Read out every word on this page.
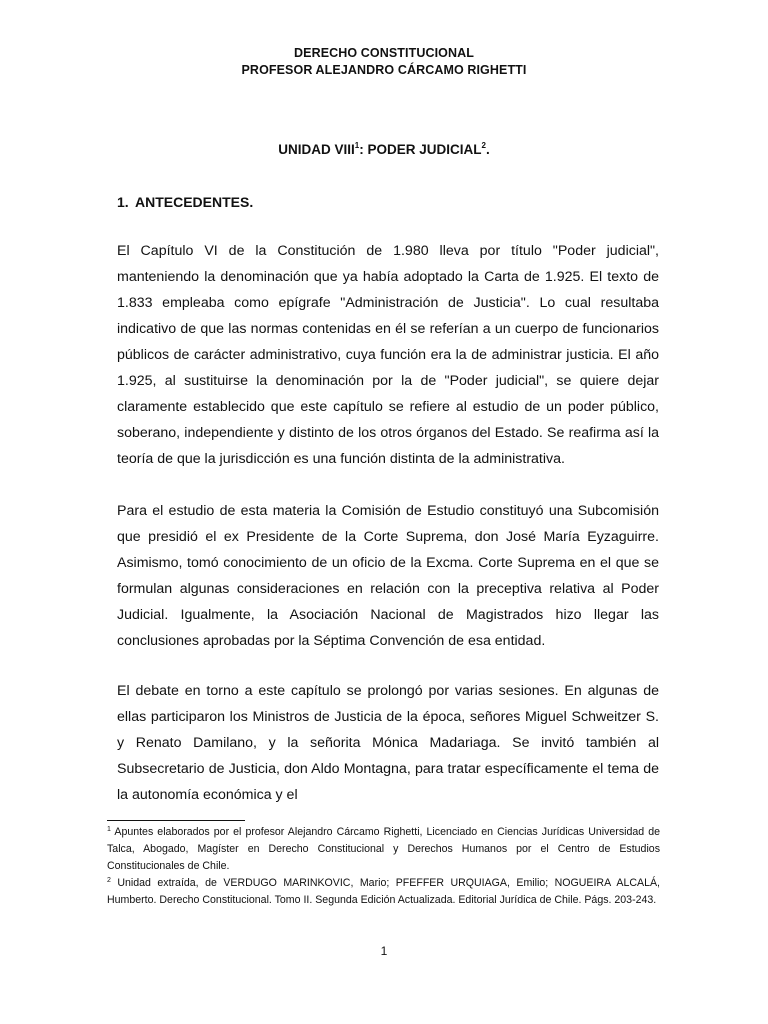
DERECHO CONSTITUCIONAL
PROFESOR ALEJANDRO CÁRCAMO RIGHETTI
UNIDAD VIII$^1$: PODER JUDICIAL$^2$.
1. ANTECEDENTES.

El Capítulo VI de la Constitución de 1.980 lleva por título "Poder judicial", manteniendo la denominación que ya había adoptado la Carta de 1.925. El texto de 1.833 empleaba como epígrafe "Administración de Justicia". Lo cual resultaba indicativo de que las normas contenidas en él se referían a un cuerpo de funcionarios públicos de carácter administrativo, cuya función era la de administrar justicia. El año 1.925, al sustituirse la denominación por la de "Poder judicial", se quiere dejar claramente establecido que este capítulo se refiere al estudio de un poder público, soberano, independiente y distinto de los otros órganos del Estado. Se reafirma así la teoría de que la jurisdicción es una función distinta de la administrativa.

Para el estudio de esta materia la Comisión de Estudio constituyó una Subcomisión que presidió el ex Presidente de la Corte Suprema, don José María Eyzaguirre. Asimismo, tomó conocimiento de un oficio de la Excma. Corte Suprema en el que se formulan algunas consideraciones en relación con la preceptiva relativa al Poder Judicial. Igualmente, la Asociación Nacional de Magistrados hizo llegar las conclusiones aprobadas por la Séptima Convención de esa entidad.

El debate en torno a este capítulo se prolongó por varias sesiones. En algunas de ellas participaron los Ministros de Justicia de la época, señores Miguel Schweitzer S. y Renato Damilano, y la señorita Mónica Madariaga. Se invitó también al Subsecretario de Justicia, don Aldo Montagna, para tratar específicamente el tema de la autonomía económica y el

$^1$ Apuntes elaborados por el profesor Alejandro Cárcamo Righetti, Licenciado en Ciencias Jurídicas Universidad de Talca, Abogado, Magíster en Derecho Constitucional y Derechos Humanos por el Centro de Estudios Constitucionales de Chile.

$^2$ Unidad extraída, de VERDUGO MARINKOVIC, Mario; PFEFFER URQUIAGA, Emilio; NOGUEIRA ALCALÁ, Humberto. Derecho Constitucional. Tomo II. Segunda Edición Actualizada. Editorial Jurídica de Chile. Págs. 203-243.

1
